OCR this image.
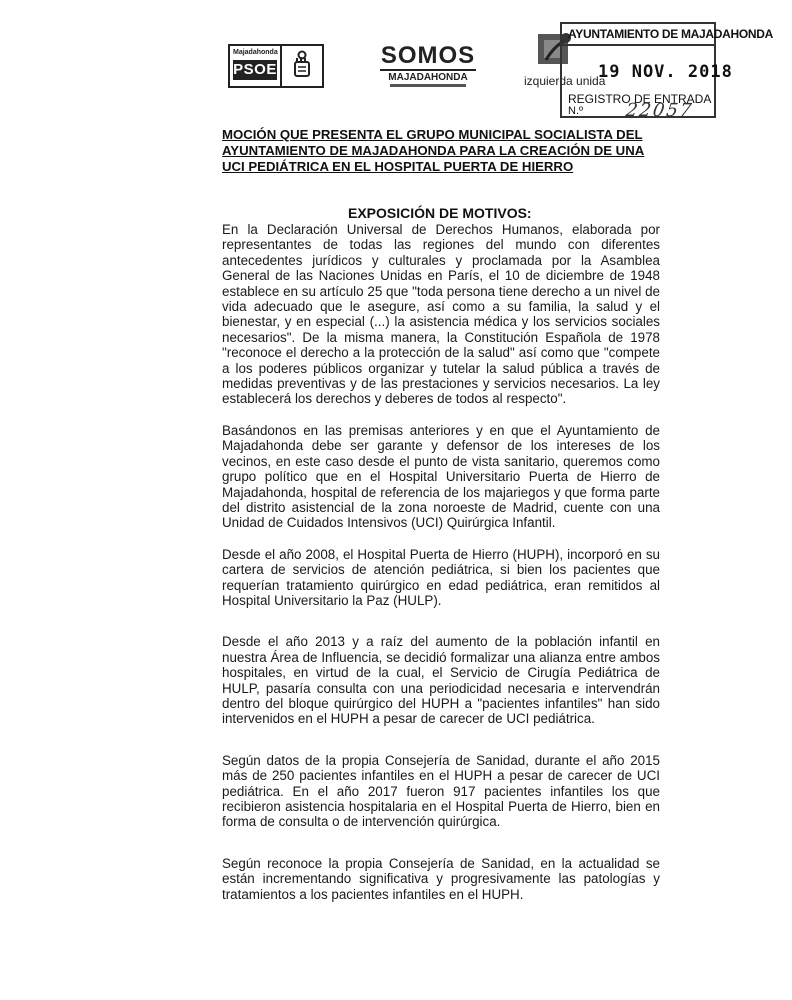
Majadahonda
PSOE
SOMOS
MAJADAHONDA	izquierda unida
AYUNTAMIENTO DE MAJADAHONDA
19 NOV. 2018
REGISTRO DE ENTRADA
N.º 22057
MOCIÓN QUE PRESENTA EL GRUPO MUNICIPAL SOCIALISTA DEL
AYUNTAMIENTO DE MAJADAHONDA PARA LA CREACIÓN DE UNA
UCI PEDIÁTRICA EN EL HOSPITAL PUERTA DE HIERRO
EXPOSICIÓN DE MOTIVOS:

En la Declaración Universal de Derechos Humanos, elaborada por representantes de todas las regiones del mundo con diferentes antecedentes jurídicos y culturales y proclamada por la Asamblea General de las Naciones Unidas en París, el 10 de diciembre de 1948 establece en su artículo 25 que "toda persona tiene derecho a un nivel de vida adecuado que le asegure, así como a su familia, la salud y el bienestar, y en especial (...) la asistencia médica y los servicios sociales necesarios". De la misma manera, la Constitución Española de 1978 "reconoce el derecho a la protección de la salud" así como que "compete a los poderes públicos organizar y tutelar la salud pública a través de medidas preventivas y de las prestaciones y servicios necesarios. La ley establecerá los derechos y deberes de todos al respecto".

Basándonos en las premisas anteriores y en que el Ayuntamiento de Majadahonda debe ser garante y defensor de los intereses de los vecinos, en este caso desde el punto de vista sanitario, queremos como grupo político que en el Hospital Universitario Puerta de Hierro de Majadahonda, hospital de referencia de los majariegos y que forma parte del distrito asistencial de la zona noroeste de Madrid, cuente con una Unidad de Cuidados Intensivos (UCI) Quirúrgica Infantil.

Desde el año 2008, el Hospital Puerta de Hierro (HUPH), incorporó en su cartera de servicios de atención pediátrica, si bien los pacientes que requerían tratamiento quirúrgico en edad pediátrica, eran remitidos al Hospital Universitario la Paz (HULP).

Desde el año 2013 y a raíz del aumento de la población infantil en nuestra Área de Influencia, se decidió formalizar una alianza entre ambos hospitales, en virtud de la cual, el Servicio de Cirugía Pediátrica de HULP, pasaría consulta con una periodicidad necesaria e intervendrán dentro del bloque quirúrgico del HUPH a "pacientes infantiles" han sido intervenidos en el HUPH a pesar de carecer de UCI pediátrica.

Según datos de la propia Consejería de Sanidad, durante el año 2015 más de 250 pacientes infantiles en el HUPH a pesar de carecer de UCI pediátrica. En el año 2017 fueron 917 pacientes infantiles los que recibieron asistencia hospitalaria en el Hospital Puerta de Hierro, bien en forma de consulta o de intervención quirúrgica.

Según reconoce la propia Consejería de Sanidad, en la actualidad se están incrementando significativa y progresivamente las patologías y tratamientos a los pacientes infantiles en el HUPH.
